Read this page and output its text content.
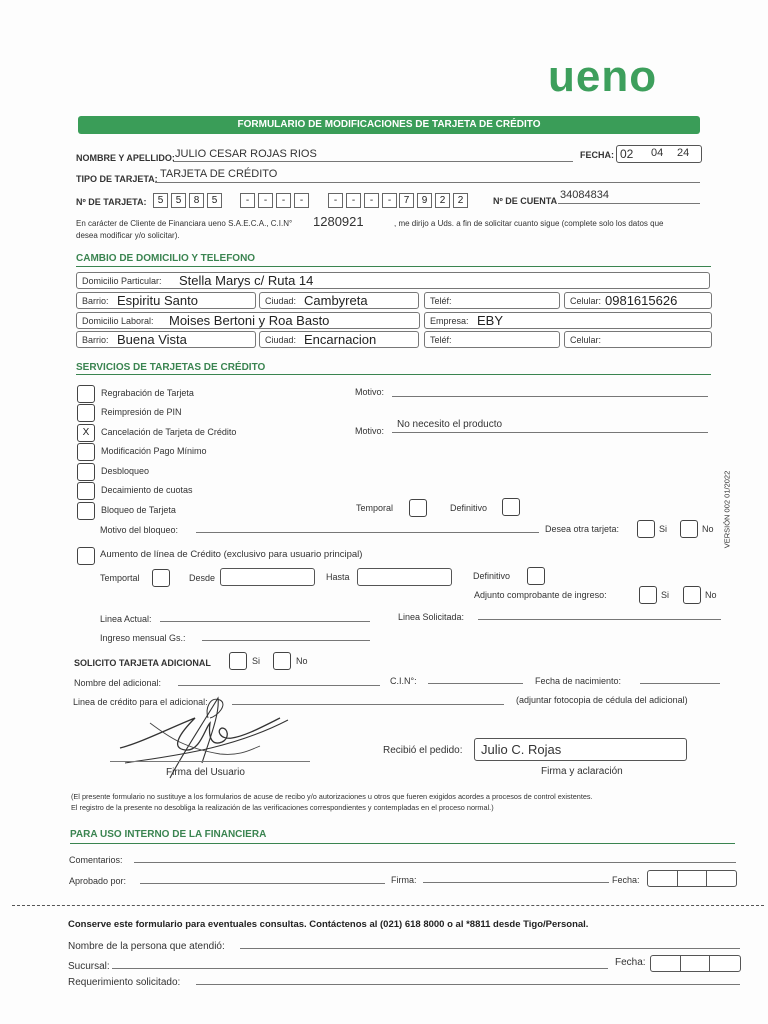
ueno
FORMULARIO DE MODIFICACIONES DE TARJETA DE CRÉDITO
NOMBRE Y APELLIDO: JULIO CESAR ROJAS RIOS	FECHA: 02 04 24
TIPO DE TARJETA: TARJETA DE CRÉDITO
Nº DE TARJETA:	5	5	8	5	-	-	-	-	-	-	-	-	7	9	2	2	Nº DE CUENTA 34084834
En carácter de Cliente de Financiara ueno S.A.E.C.A., C.I.N° 1280921	, me dirijo a Uds. a fin de solicitar cuanto sigue (complete solo los datos que
desea modificar y/o solicitar).
CAMBIO DE DOMICILIO Y TELEFONO
Domicilio Particular: Stella Marys c/ Ruta 14
Barrio: Espiritu Santo	Ciudad: Cambyreta	Teléf:	Celular: 0981615626
Domicilio Laboral: Moises Bertoni y Roa Basto	Empresa: EBY
Barrio: Buena Vista	Ciudad: Encarnacion	Teléf:	Celular:
SERVICIOS DE TARJETAS DE CRÉDITO
Regrabación de Tarjeta
Reimpresión de PIN
X	Cancelación de Tarjeta de Crédito
Modificación Pago Mínimo
Desbloqueo
Decaimiento de cuotas
Bloqueo de Tarjeta
Motivo:
Motivo:
No necesito el producto
Temporal	Definitivo
Motivo del bloqueo:	Desea otra tarjeta:	Si	No
Aumento de línea de Crédito (exclusivo para usuario principal)
Temportal	Desde	Hasta	Definitivo
Adjunto comprobante de ingreso:	Si	No
Linea Actual:	Linea Solicitada:
Ingreso mensual Gs.:
SOLICITO TARJETA ADICIONAL	Si	No
Nombre del adicional:	C.I.N°:	Fecha de nacimiento:
Linea de crédito para el adicional:	(adjuntar fotocopia de cédula del adicional)
Firma del Usuario
Recibió el pedido: Julio C. Rojas
Firma y aclaración
(El presente formulario no sustituye a los formularios de acuse de recibo y/o autorizaciones u otros que fueren exigidos acordes a procesos de control existentes.
El registro de la presente no desobliga la realización de las verificaciones correspondientes y contempladas en el proceso normal.)
PARA USO INTERNO DE LA FINANCIERA
Comentarios:
Aprobado por:	Firma:	Fecha:
Conserve este formulario para eventuales consultas. Contáctenos al (021) 618 8000 o al *8811 desde Tigo/Personal.
Nombre de la persona que atendió:
Sucursal:	Fecha:
Requerimiento solicitado:
VERSIÓN 002 01/2022
